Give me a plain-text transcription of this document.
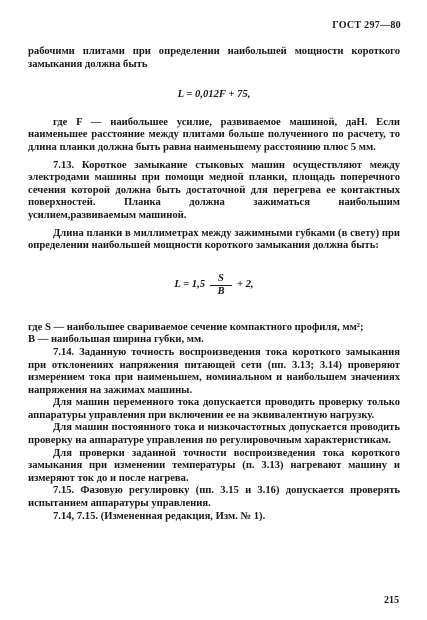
ГОСТ 297—80

рабочими плитами при определении наибольшей мощности короткого замыкания должна быть

L = 0,012F + 75,

где F — наибольшее усилие, развиваемое машиной, даН. Если наименьшее расстояние между плитами больше полученного по расчету, то длина планки должна быть равна наименьшему расстоянию плюс 5 мм.

7.13. Короткое замыкание стыковых машин осуществляют между электродами машины при помощи медной планки, площадь поперечного сечения которой должна быть достаточной для перегрева ее контактных поверхностей. Планка должна зажиматься наибольшим усилием,развиваемым машиной.

Длина планки в миллиметрах между зажимными губками (в свету) при определении наибольшей мощности короткого замыкания должна быть:

$L = 1,5 \frac{S}{B} + 2$,

где S — наибольшее свариваемое сечение компактного профиля, мм²;

B — наибольшая ширина губки, мм.

7.14. Заданную точность воспроизведения тока короткого замыкания при отклонениях напряжения питающей сети (пп. 3.13; 3.14) проверяют измерением тока при наименьшем, номинальном и наибольшем значениях напряжения на зажимах машины.

Для машин переменного тока допускается проводить проверку только аппаратуры управления при включении ее на эквивалентную нагрузку.

Для машин постоянного тока и низкочастотных допускается проводить проверку на аппаратуре управления по регулировочным характеристикам.

Для проверки заданной точности воспроизведения тока короткого замыкания при изменении температуры (п. 3.13) нагревают машину и измеряют ток до и после нагрева.

7.15. Фазовую регулировку (пп. 3.15 и 3.16) допускается проверять испытанием аппаратуры управления.

7.14, 7.15. (Измененная редакция, Изм. № 1).

215
